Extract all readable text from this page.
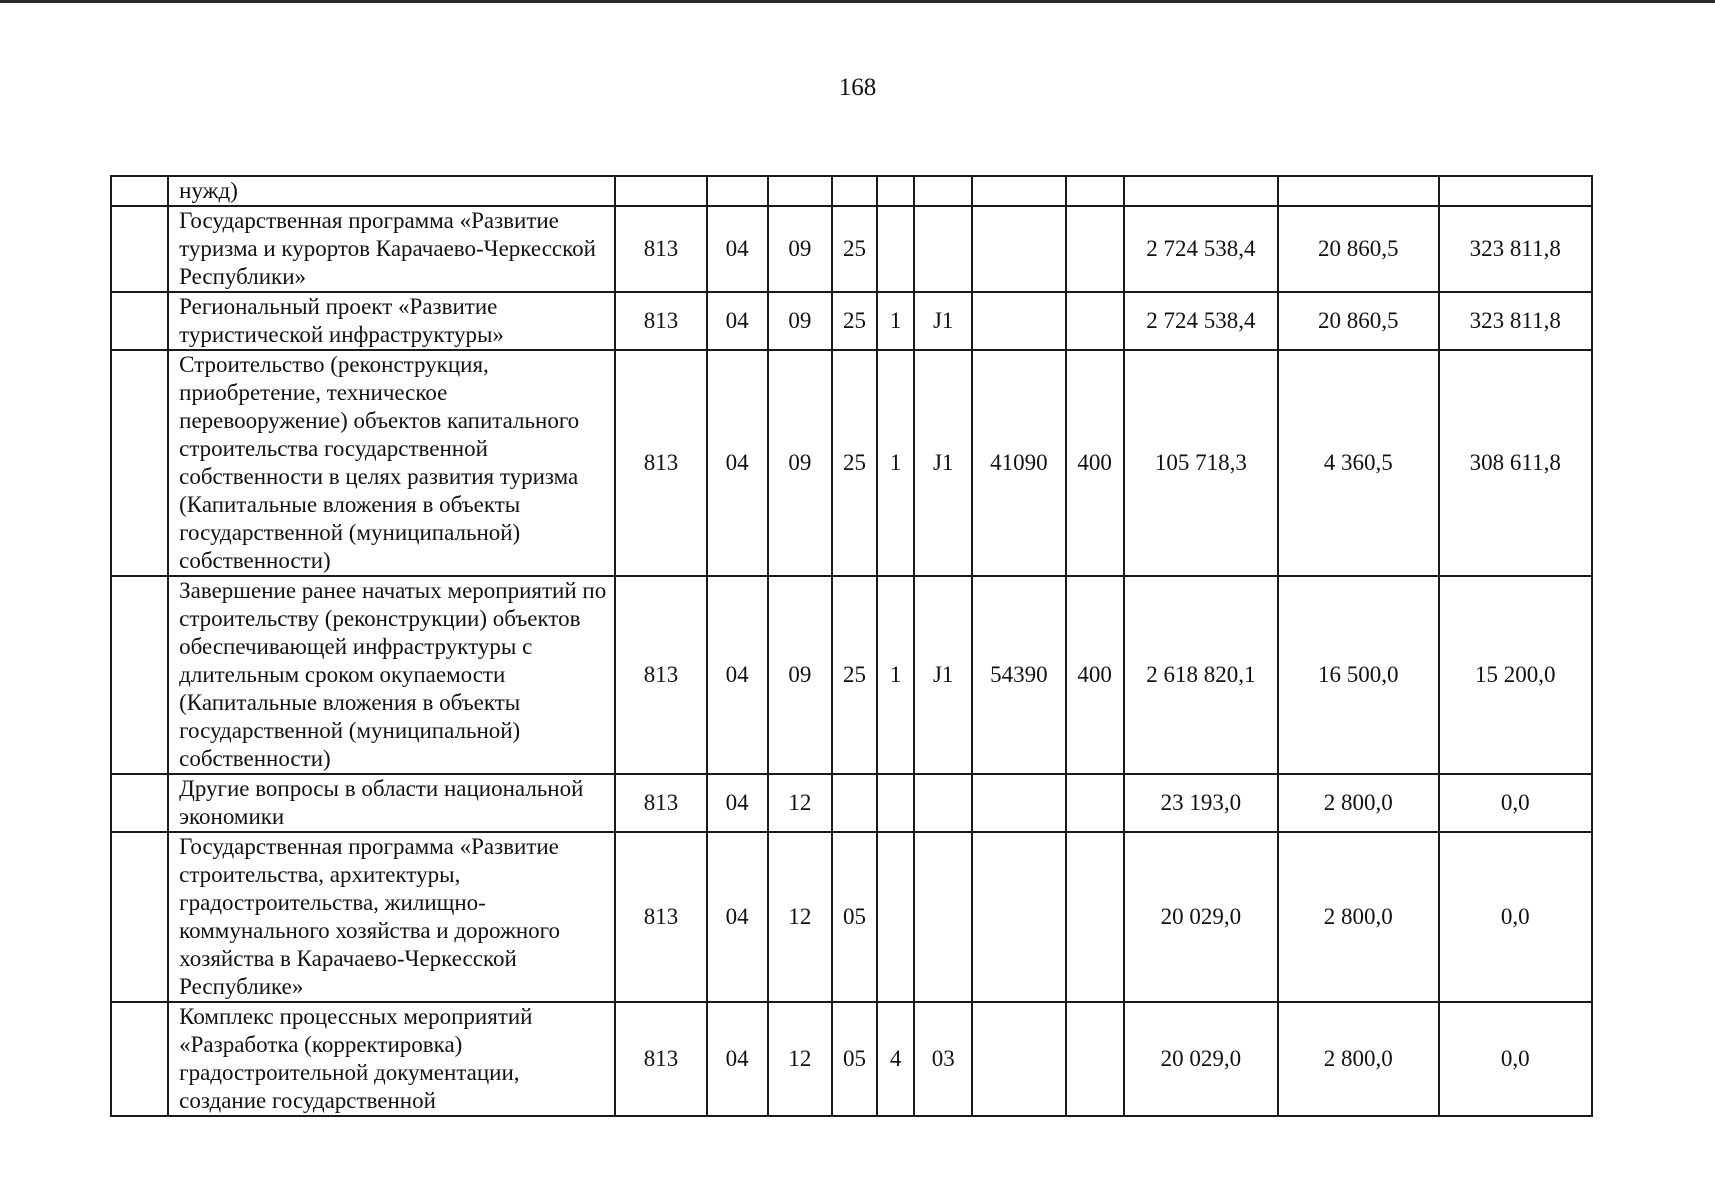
168
	нужд)											
	Государственная программа «Развитие туризма и курортов Карачаево-Черкесской Республики»	813	04	09	25					2 724 538,4	20 860,5	323 811,8
	Региональный проект «Развитие туристической инфраструктуры»	813	04	09	25	1	J1			2 724 538,4	20 860,5	323 811,8
	Строительство (реконструкция, приобретение, техническое перевооружение) объектов капитального строительства государственной собственности в целях развития туризма (Капитальные вложения в объекты государственной (муниципальной) собственности)	813	04	09	25	1	J1	41090	400	105 718,3	4 360,5	308 611,8
	Завершение ранее начатых мероприятий по строительству (реконструкции) объектов обеспечивающей инфраструктуры с длительным сроком окупаемости (Капитальные вложения в объекты государственной (муниципальной) собственности)	813	04	09	25	1	J1	54390	400	2 618 820,1	16 500,0	15 200,0
	Другие вопросы в области национальной экономики	813	04	12						23 193,0	2 800,0	0,0
	Государственная программа «Развитие строительства, архитектуры, градостроительства, жилищно-коммунального хозяйства и дорожного хозяйства в Карачаево-Черкесской Республике»	813	04	12	05					20 029,0	2 800,0	0,0
	Комплекс процессных мероприятий «Разработка (корректировка) градостроительной документации, создание государственной	813	04	12	05	4	03			20 029,0	2 800,0	0,0
